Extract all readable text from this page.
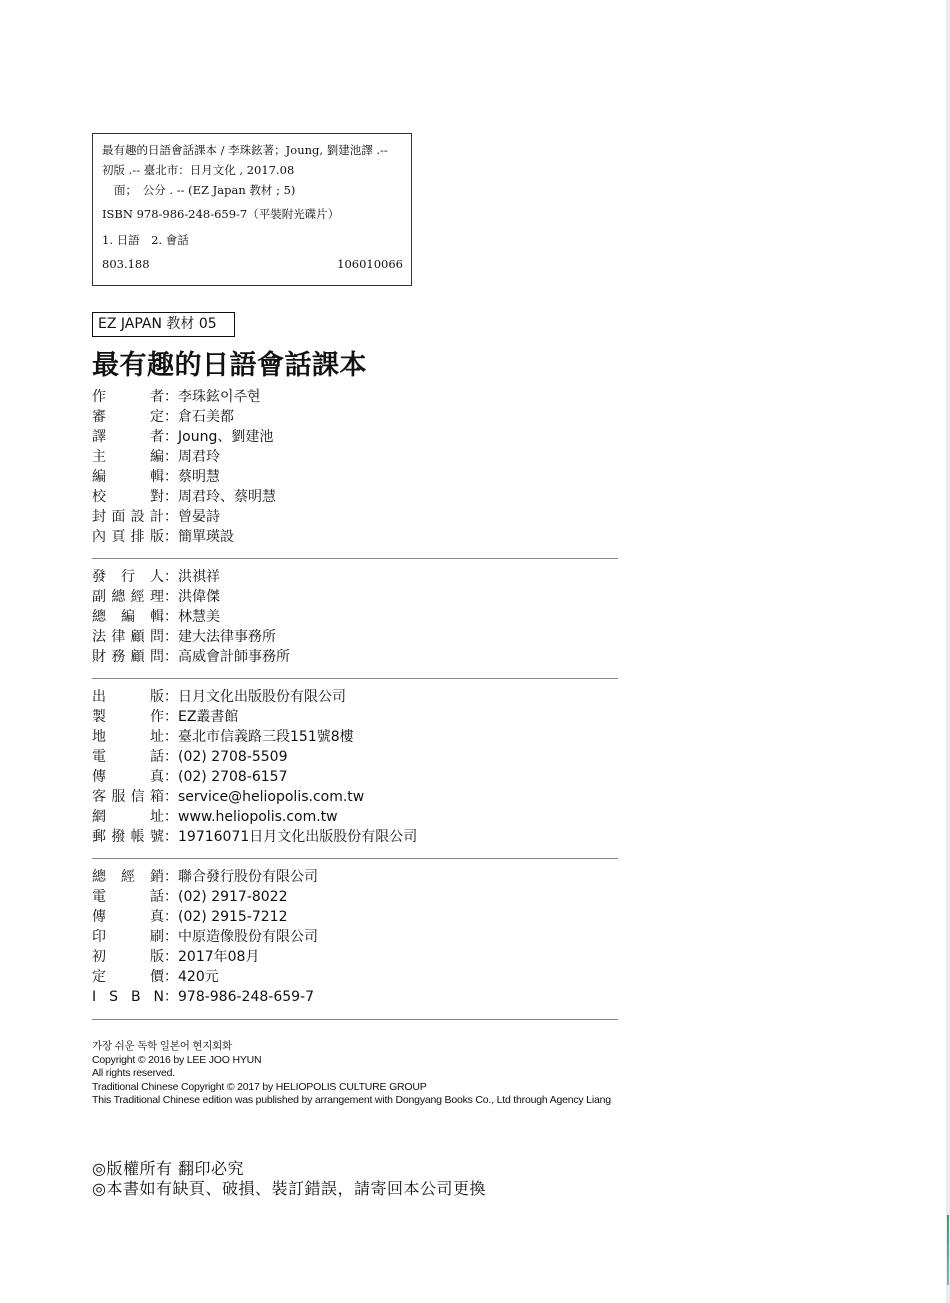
最有趣的日語會話課本 / 李珠鉉著；Joung, 劉建池譯 .--
初版 .-- 臺北市：日月文化 , 2017.08
面；　公分 . -- (EZ Japan 教材 ; 5)
ISBN 978-986-248-659-7（平裝附光碟片）
1. 日語　2. 會話
803.188	106010066
EZ JAPAN 教材 05
最有趣的日語會話課本
作	者 ： 李珠鉉이주현
審	定 ： 倉石美都
譯	者 ： Joung、劉建池
主	編 ： 周君玲
編	輯 ： 蔡明慧
校	對 ： 周君玲、蔡明慧
封 面 設 計 ： 曾晏詩
內 頁 排 版 ： 簡單瑛設
發 行 人 ： 洪祺祥
副 總 經 理 ： 洪偉傑
總 編 輯 ： 林慧美
法 律 顧 問 ： 建大法律事務所
財 務 顧 問 ： 高威會計師事務所
出	版 ： 日月文化出版股份有限公司
製	作 ： EZ叢書館
地	址 ： 臺北市信義路三段151號8樓
電	話 ： (02) 2708-5509
傳	真 ： (02) 2708-6157
客 服 信 箱 ： service@heliopolis.com.tw
網	址 ： www.heliopolis.com.tw
郵 撥 帳 號 ： 19716071日月文化出版股份有限公司
總 經 銷 ： 聯合發行股份有限公司
電	話 ： (02) 2917-8022
傳	真 ： (02) 2915-7212
印	刷 ： 中原造像股份有限公司
初	版 ： 2017年08月
定	價 ： 420元
I S B N ： 978-986-248-659-7
가장 쉬운 독학 일본어 현지회화
Copyright © 2016 by LEE JOO HYUN
All rights reserved.
Traditional Chinese Copyright © 2017 by HELIOPOLIS CULTURE GROUP
This Traditional Chinese edition was published by arrangement with Dongyang Books Co., Ltd through Agency Liang
◎版權所有 翻印必究
◎本書如有缺頁、破損、裝訂錯誤，請寄回本公司更換
